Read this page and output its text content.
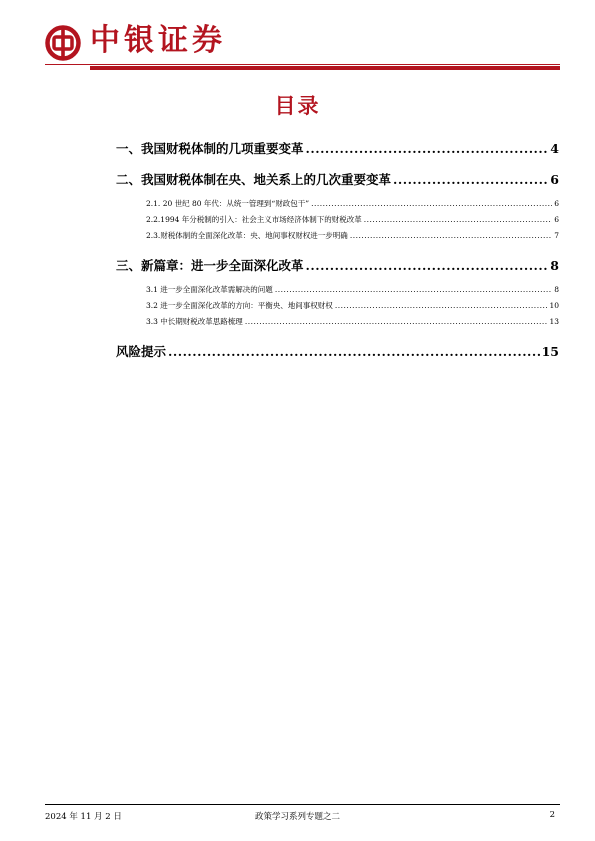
中银证券
目录
一、我国财税体制的几项重要变革 .....	4
二、我国财税体制在央、地关系上的几次重要变革 .....	6
2.1. 20 世纪 80 年代：从统一管理到“财政包干” .....	6
2.2.1994 年分税制的引入：社会主义市场经济体制下的财税改革 .....	6
2.3.财税体制的全面深化改革：央、地间事权财权进一步明确 .....	7
三、新篇章：进一步全面深化改革 .....	8
3.1 进一步全面深化改革需解决的问题 .....	8
3.2 进一步全面深化改革的方向：平衡央、地间事权财权 .....	10
3.3 中长期财税改革思路梳理 .....	13
风险提示 .....	15
2024 年 11 月 2 日	政策学习系列专题之二	2
